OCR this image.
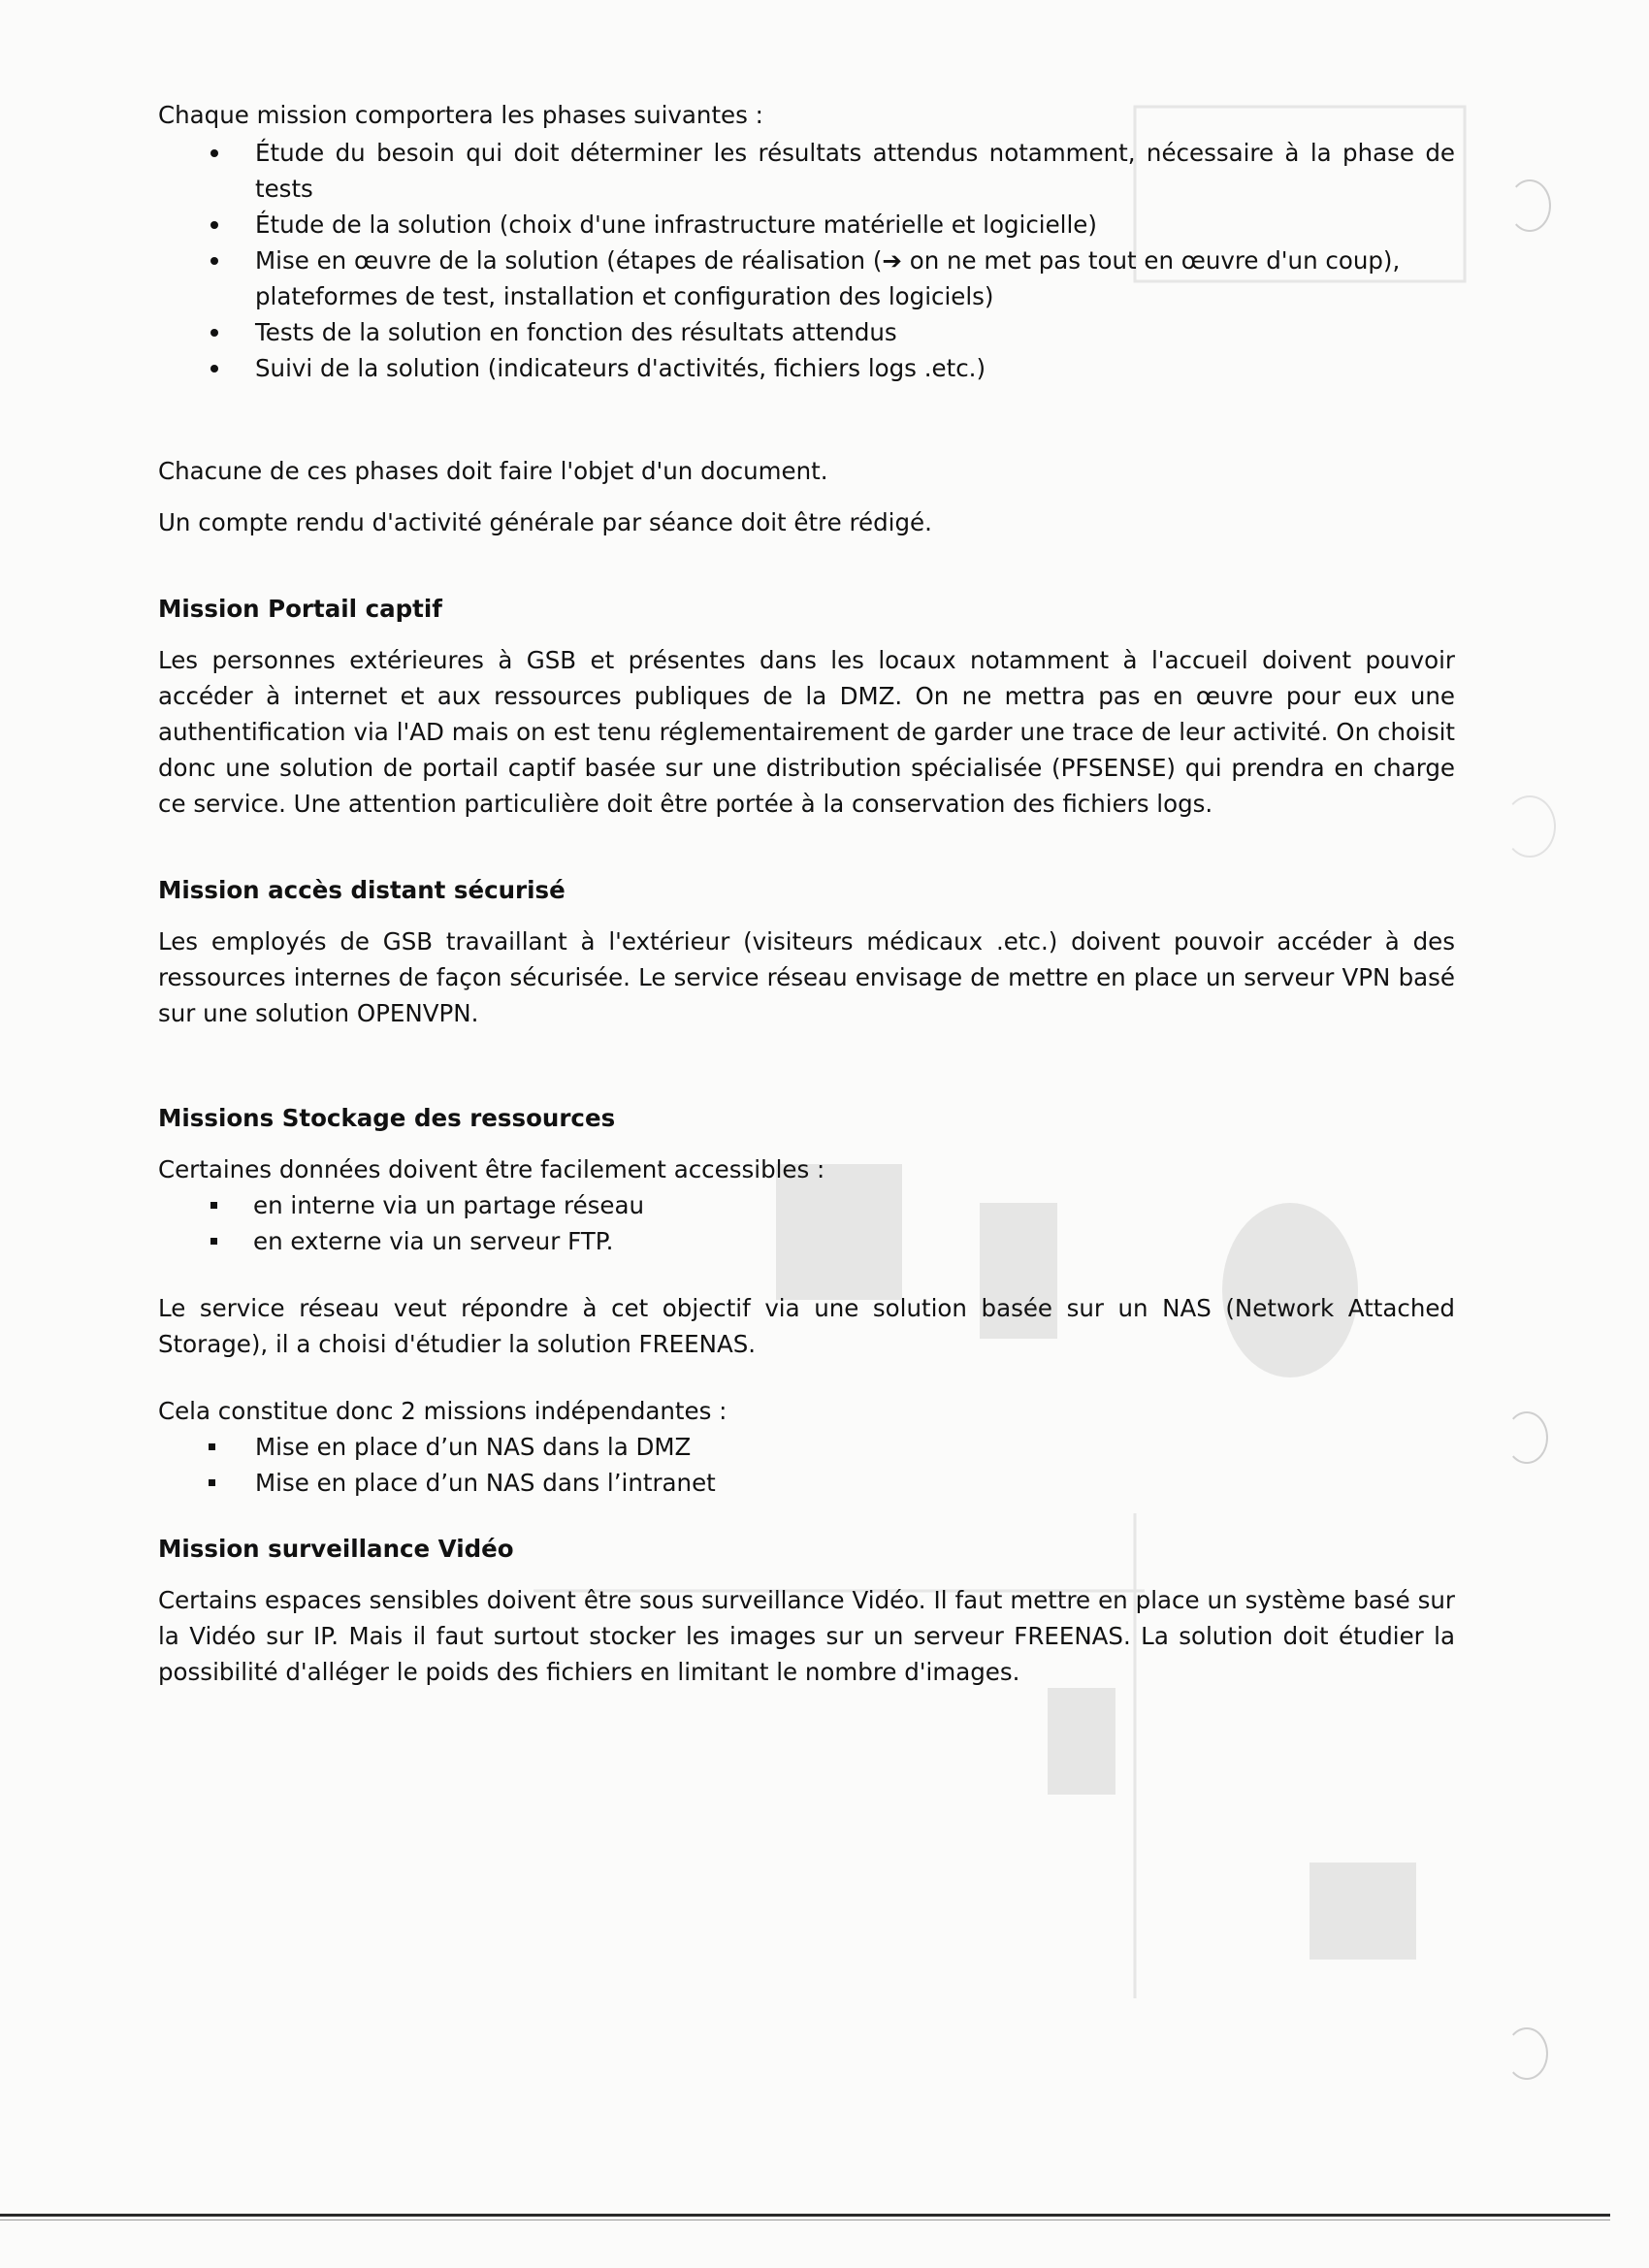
Chaque mission comportera les phases suivantes :

Étude du besoin qui doit déterminer les résultats attendus notamment, nécessaire à la phase de tests
Étude de la solution (choix d'une infrastructure matérielle et logicielle)
Mise en œuvre de la solution (étapes de réalisation (➔ on ne met pas tout en œuvre d'un coup), plateformes de test, installation et configuration des logiciels)
Tests de la solution en fonction des résultats attendus
Suivi de la solution (indicateurs d'activités, fichiers logs .etc.)

Chacune de ces phases doit faire l'objet d'un document.

Un compte rendu d'activité générale par séance doit être rédigé.

Mission Portail captif

Les personnes extérieures à GSB et présentes dans les locaux notamment à l'accueil doivent pouvoir accéder à internet et aux ressources publiques de la DMZ. On ne mettra pas en œuvre pour eux une authentification via l'AD mais on est tenu réglementairement de garder une trace de leur activité. On choisit donc une solution de portail captif basée sur une distribution spécialisée (PFSENSE) qui prendra en charge ce service. Une attention particulière doit être portée à la conservation des fichiers logs.

Mission accès distant sécurisé

Les employés de GSB travaillant à l'extérieur (visiteurs médicaux .etc.) doivent pouvoir accéder à des ressources internes de façon sécurisée. Le service réseau envisage de mettre en place un serveur VPN basé sur une solution OPENVPN.

Missions Stockage des ressources

Certaines données doivent être facilement accessibles :

en interne via un partage réseau
en externe via un serveur FTP.

Le service réseau veut répondre à cet objectif via une solution basée sur un NAS (Network Attached Storage), il a choisi d'étudier la solution FREENAS.

Cela constitue donc 2 missions indépendantes :

Mise en place d’un NAS dans la DMZ
Mise en place d’un NAS dans l’intranet
Mission surveillance Vidéo

Certains espaces sensibles doivent être sous surveillance Vidéo. Il faut mettre en place un système basé sur la Vidéo sur IP. Mais il faut surtout stocker les images sur un serveur FREENAS. La solution doit étudier la possibilité d'alléger le poids des fichiers en limitant le nombre d'images.
